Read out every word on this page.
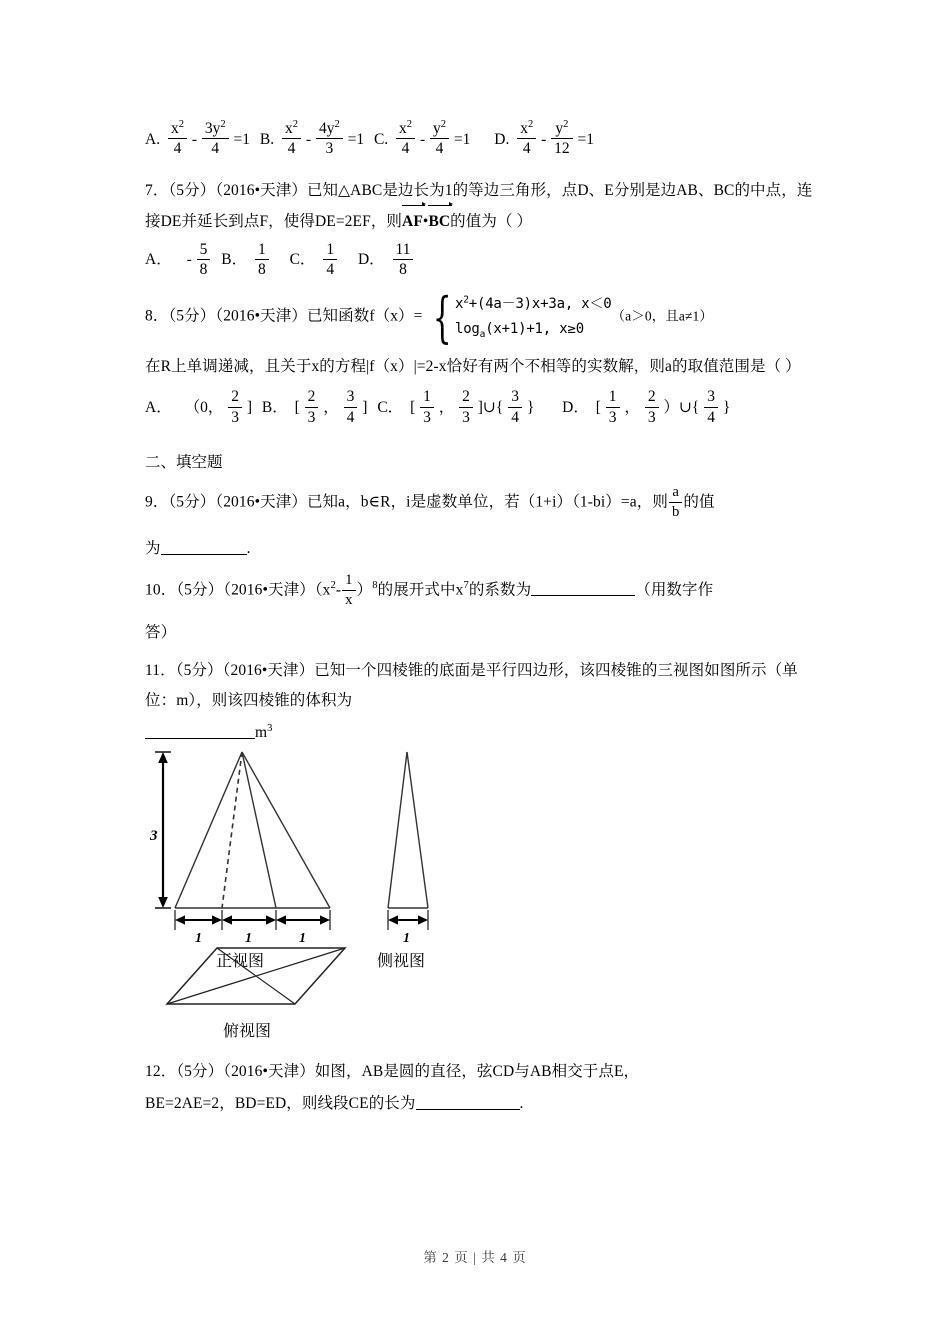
A. $\frac{x^2}{4} - \frac{3y^2}{4} =1$ B. $\frac{x^2}{4} - \frac{4y^2}{3} =1$ C. $\frac{x^2}{4} - \frac{y^2}{4} =1$ D. $\frac{x^2}{4} - \frac{y^2}{12} =1$
7．（5分）（2016•天津）已知△ABC是边长为1的等边三角形，点D、E分别是边AB、BC的中点，连接DE并延长到点F，使得DE=2EF，则AF•BC的值为（ ）
A． - $\frac{5}{8}$ B． $\frac{1}{8}$ C． $\frac{1}{4}$ D． $\frac{11}{8}$
8．（5分）（2016•天津）已知函数f（x）= { $x^2+(4a-3)x+3a$, x＜0
$\log_a(x+1)+1$, x≥0
（a＞0，且a≠1）
在R上单调递减，且关于x的方程|f（x）|=2-x恰好有两个不相等的实数解，则a的取值范围是（ ）
A． （0， $\frac{2}{3}$ ] B． [ $\frac{2}{3}$ ， $\frac{3}{4}$ ] C． [ $\frac{1}{3}$ ， $\frac{2}{3}$ ]∪{ $\frac{3}{4}$ } D． [ $\frac{1}{3}$ ， $\frac{2}{3}$ ）∪{ $\frac{3}{4}$ }
二、填空题
9．（5分）（2016•天津）已知a，b∈R，i是虚数单位，若（1+i）（1-bi）=a，则 $\frac{a}{b}$ 的值
为	.
10．（5分）（2016•天津）$(x^2- \frac{1}{x} )^8$的展开式中$x^7$的系数为	（用数字作
答）
11．（5分）（2016•天津）已知一个四棱锥的底面是平行四边形，该四棱锥的三视图如图所示（单位：m），则该四棱锥的体积为
$m^3$
3
1	1	1
正视图
1
侧视图
俯视图
12．（5分）（2016•天津）如图，AB是圆的直径，弦CD与AB相交于点E，
BE=2AE=2，BD=ED，则线段CE的长为	.
第 2 页 | 共 4 页
